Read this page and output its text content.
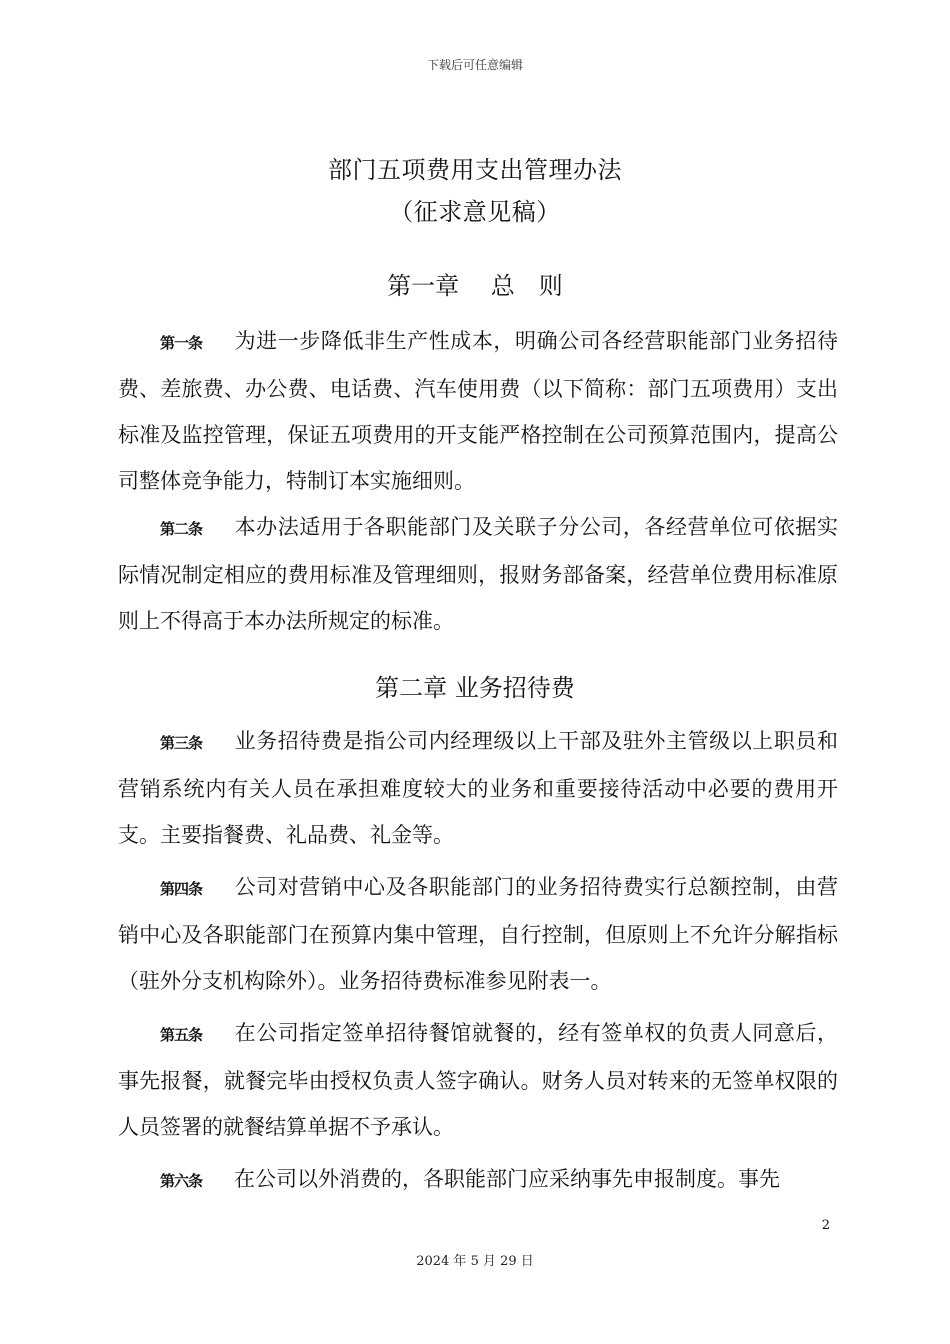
下载后可任意编辑
部门五项费用支出管理办法
（征求意见稿）
第一章　 总　则
第一条 为进一步降低非生产性成本，明确公司各经营职能部门业务招待费、差旅费、办公费、电话费、汽车使用费（以下简称：部门五项费用）支出标准及监控管理，保证五项费用的开支能严格控制在公司预算范围内，提高公司整体竞争能力，特制订本实施细则。
第二条 本办法适用于各职能部门及关联子分公司，各经营单位可依据实际情况制定相应的费用标准及管理细则，报财务部备案，经营单位费用标准原则上不得高于本办法所规定的标准。
第二章 业务招待费
第三条 业务招待费是指公司内经理级以上干部及驻外主管级以上职员和营销系统内有关人员在承担难度较大的业务和重要接待活动中必要的费用开支。主要指餐费、礼品费、礼金等。
第四条 公司对营销中心及各职能部门的业务招待费实行总额控制，由营销中心及各职能部门在预算内集中管理，自行控制，但原则上不允许分解指标（驻外分支机构除外）。业务招待费标准参见附表一。
第五条 在公司指定签单招待餐馆就餐的，经有签单权的负责人同意后，事先报餐，就餐完毕由授权负责人签字确认。财务人员对转来的无签单权限的人员签署的就餐结算单据不予承认。
第六条 在公司以外消费的，各职能部门应采纳事先申报制度。事先
2
2024 年 5 月 29 日
